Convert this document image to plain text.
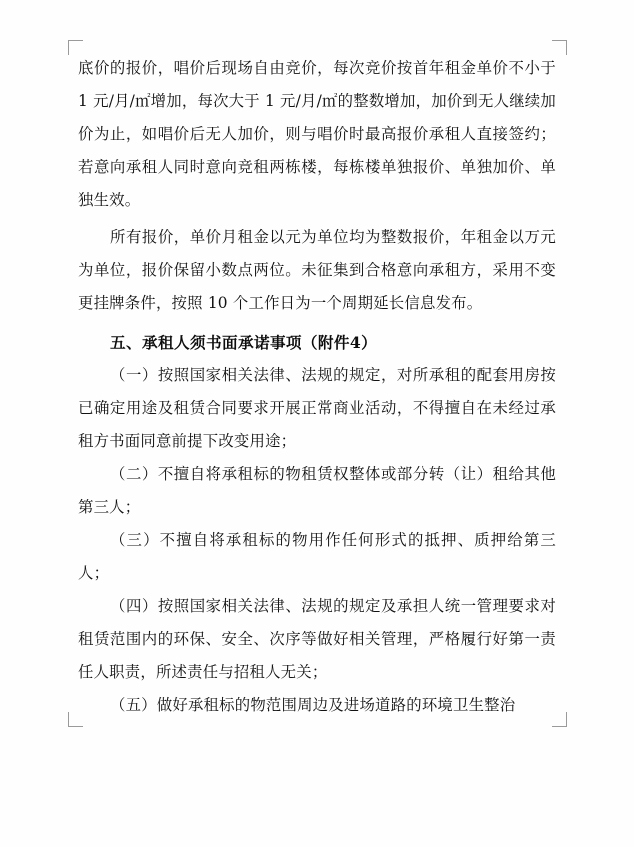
底价的报价，唱价后现场自由竞价，每次竞价按首年租金单价不小于 1 元/月/㎡增加，每次大于 1 元/月/㎡的整数增加，加价到无人继续加价为止，如唱价后无人加价，则与唱价时最高报价承租人直接签约；若意向承租人同时意向竞租两栋楼，每栋楼单独报价、单独加价、单独生效。

所有报价，单价月租金以元为单位均为整数报价，年租金以万元为单位，报价保留小数点两位。未征集到合格意向承租方，采用不变更挂牌条件，按照 10 个工作日为一个周期延长信息发布。

五、承租人须书面承诺事项（附件4）

（一）按照国家相关法律、法规的规定，对所承租的配套用房按已确定用途及租赁合同要求开展正常商业活动，不得擅自在未经过承租方书面同意前提下改变用途；

（二）不擅自将承租标的物租赁权整体或部分转（让）租给其他第三人；

（三）不擅自将承租标的物用作任何形式的抵押、质押给第三人；

（四）按照国家相关法律、法规的规定及承担人统一管理要求对租赁范围内的环保、安全、次序等做好相关管理，严格履行好第一责任人职责，所述责任与招租人无关；

（五）做好承租标的物范围周边及进场道路的环境卫生整治
